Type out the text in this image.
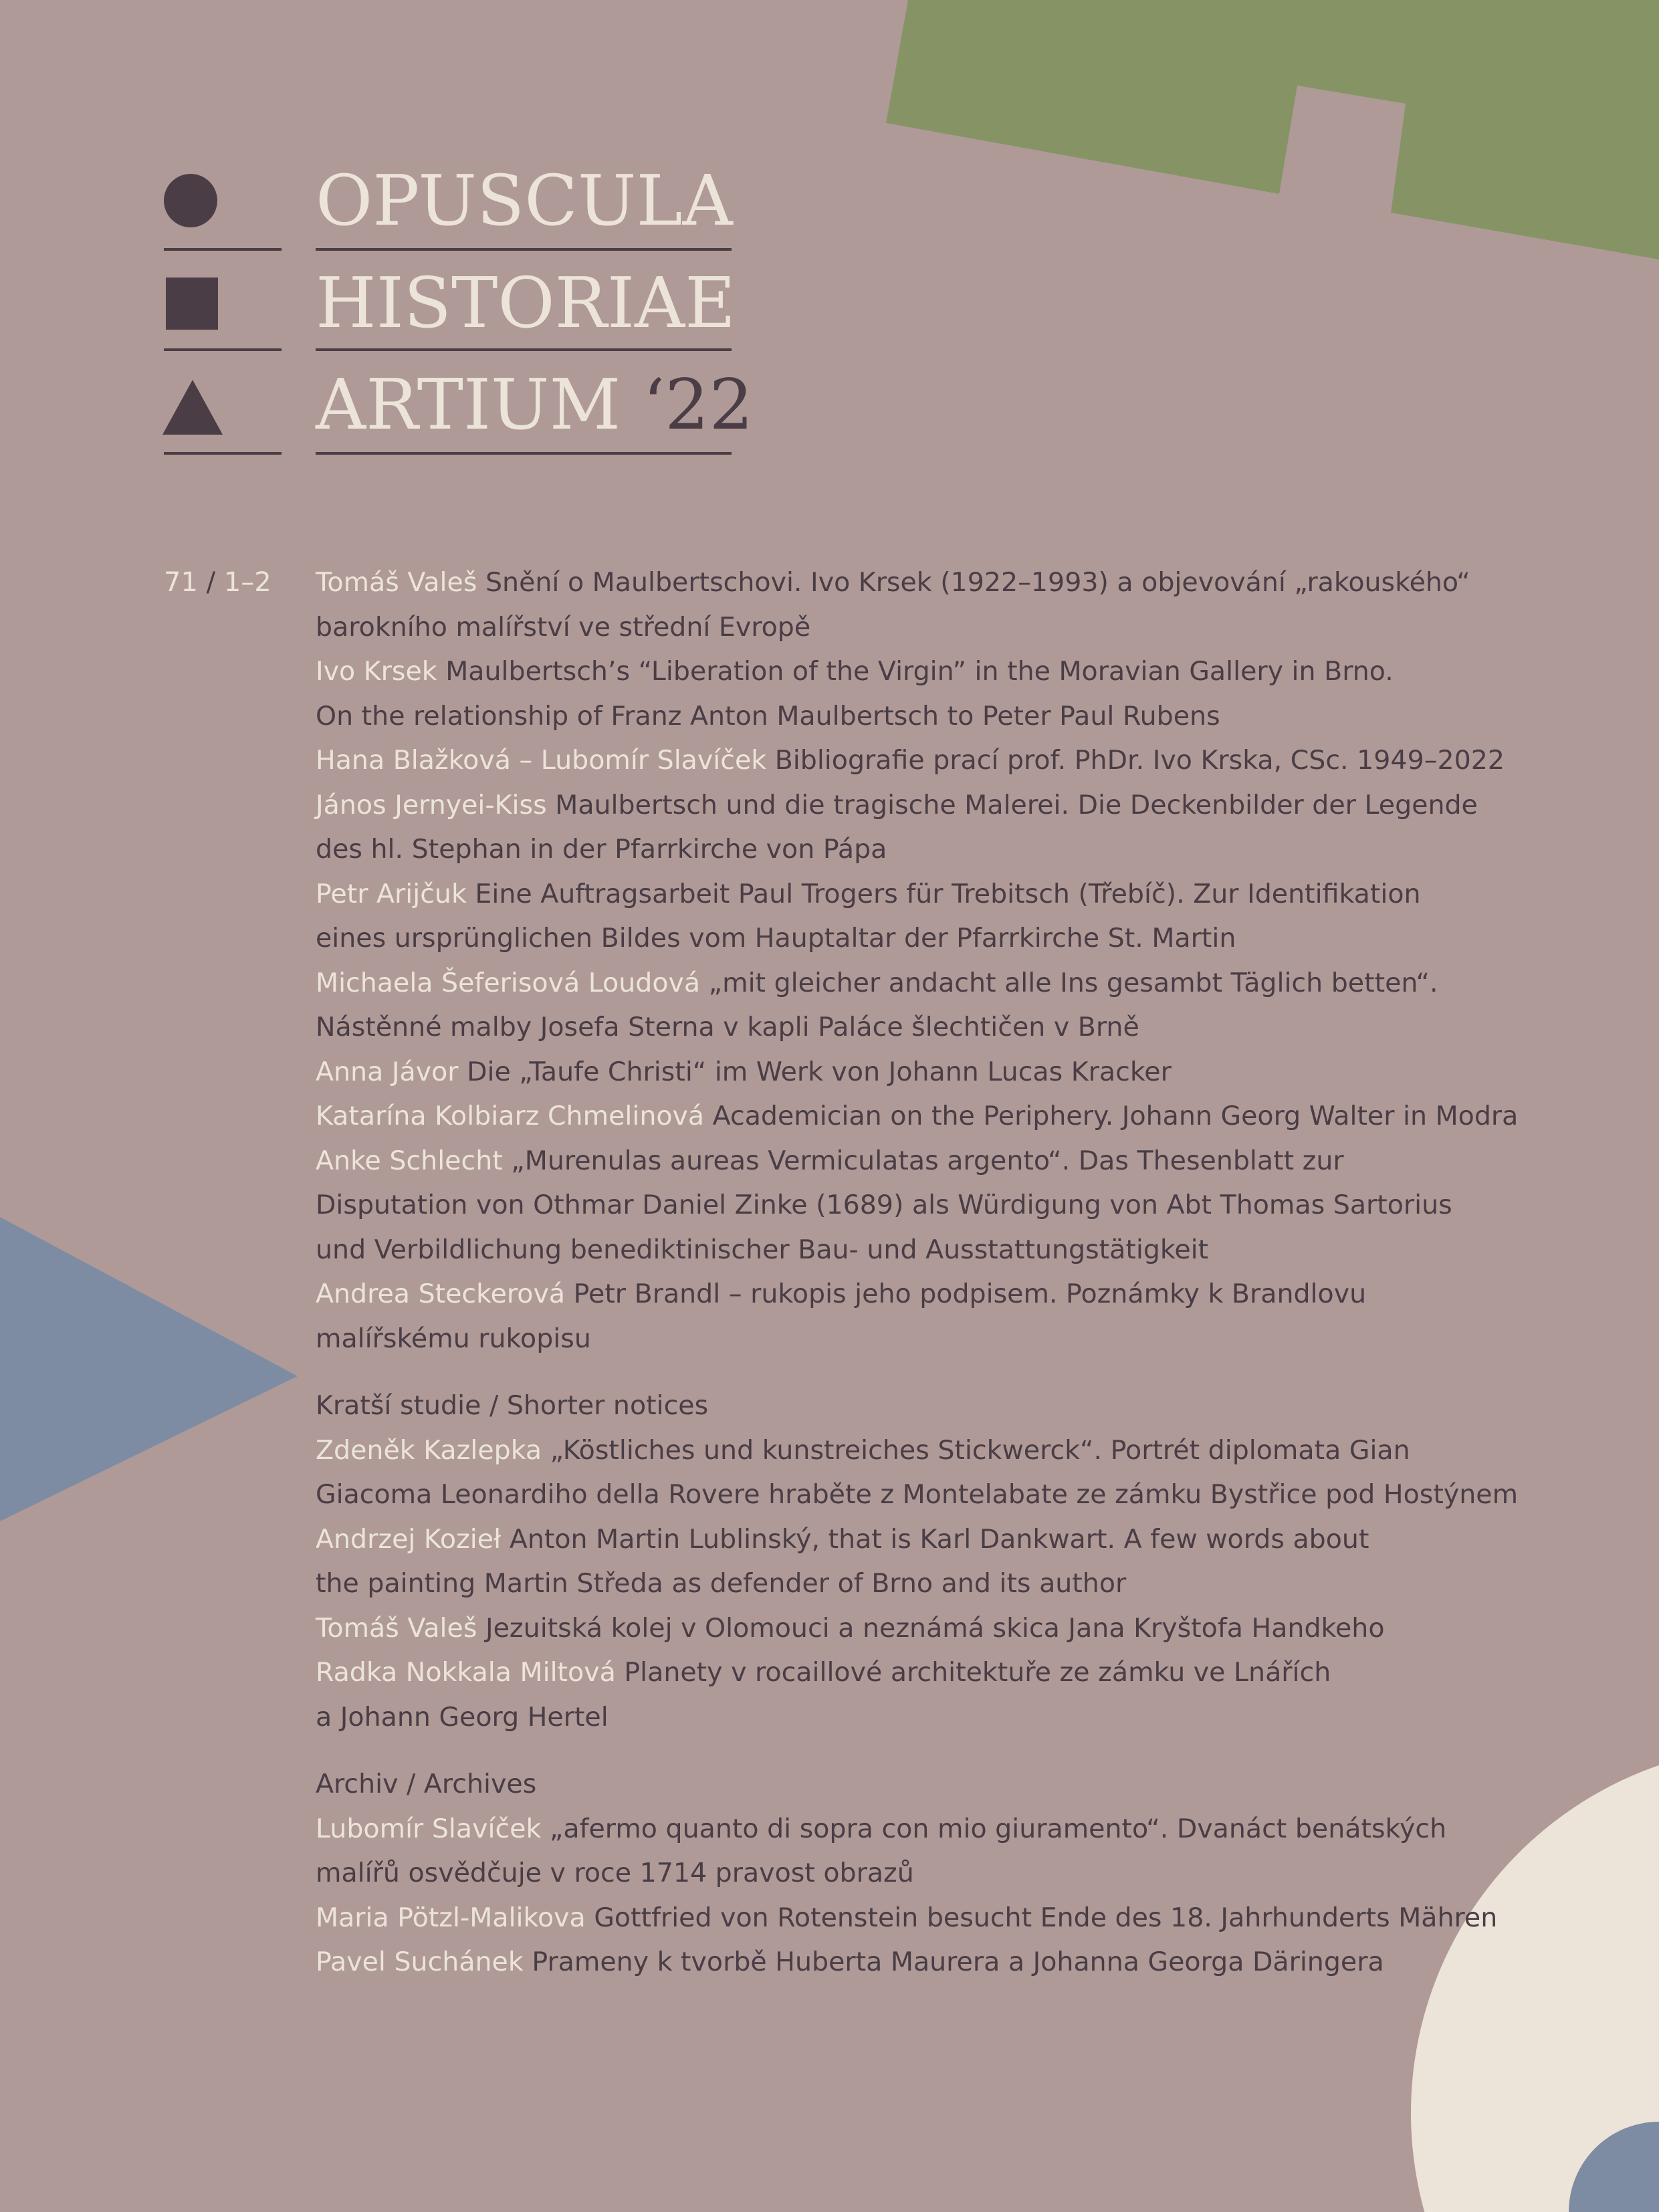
OPUSCULA
HISTORIAE
ARTIUM ‘22
71 / 1–2 Tomáš Valeš Snění o Maulbertschovi. Ivo Krsek (1922–1993) a objevování „rakouského“
barokního malířství ve střední Evropě
Ivo Krsek Maulbertsch’s “Liberation of the Virgin” in the Moravian Gallery in Brno.
On the relationship of Franz Anton Maulbertsch to Peter Paul Rubens
Hana Blažková – Lubomír Slavíček Bibliografie prací prof. PhDr. Ivo Krska, CSc. 1949–2022
János Jernyei-Kiss Maulbertsch und die tragische Malerei. Die Deckenbilder der Legende
des hl. Stephan in der Pfarrkirche von Pápa
Petr Arijčuk Eine Auftragsarbeit Paul Trogers für Trebitsch (Třebíč). Zur Identifikation
eines ursprünglichen Bildes vom Hauptaltar der Pfarrkirche St. Martin
Michaela Šeferisová Loudová „mit gleicher andacht alle Ins gesambt Täglich betten“.
Nástěnné malby Josefa Sterna v kapli Paláce šlechtičen v Brně
Anna Jávor Die „Taufe Christi“ im Werk von Johann Lucas Kracker
Katarína Kolbiarz Chmelinová Academician on the Periphery. Johann Georg Walter in Modra
Anke Schlecht „Murenulas aureas Vermiculatas argento“. Das Thesenblatt zur
Disputation von Othmar Daniel Zinke (1689) als Würdigung von Abt Thomas Sartorius
und Verbildlichung benediktinischer Bau- und Ausstattungstätigkeit
Andrea Steckerová Petr Brandl – rukopis jeho podpisem. Poznámky k Brandlovu
malířskému rukopisu
Kratší studie / Shorter notices
Zdeněk Kazlepka „Köstliches und kunstreiches Stickwerck“. Portrét diplomata Gian
Giacoma Leonardiho della Rovere hraběte z Montelabate ze zámku Bystřice pod Hostýnem
Andrzej Kozieł Anton Martin Lublinský, that is Karl Dankwart. A few words about
the painting Martin Středa as defender of Brno and its author
Tomáš Valeš Jezuitská kolej v Olomouci a neznámá skica Jana Kryštofa Handkeho
Radka Nokkala Miltová Planety v rocaillové architektuře ze zámku ve Lnářích
a Johann Georg Hertel
Archiv / Archives
Lubomír Slavíček „afermo quanto di sopra con mio giuramento“. Dvanáct benátských
malířů osvědčuje v roce 1714 pravost obrazů
Maria Pötzl-Malikova Gottfried von Rotenstein besucht Ende des 18. Jahrhunderts Mähren
Pavel Suchánek Prameny k tvorbě Huberta Maurera a Johanna Georga Däringera
